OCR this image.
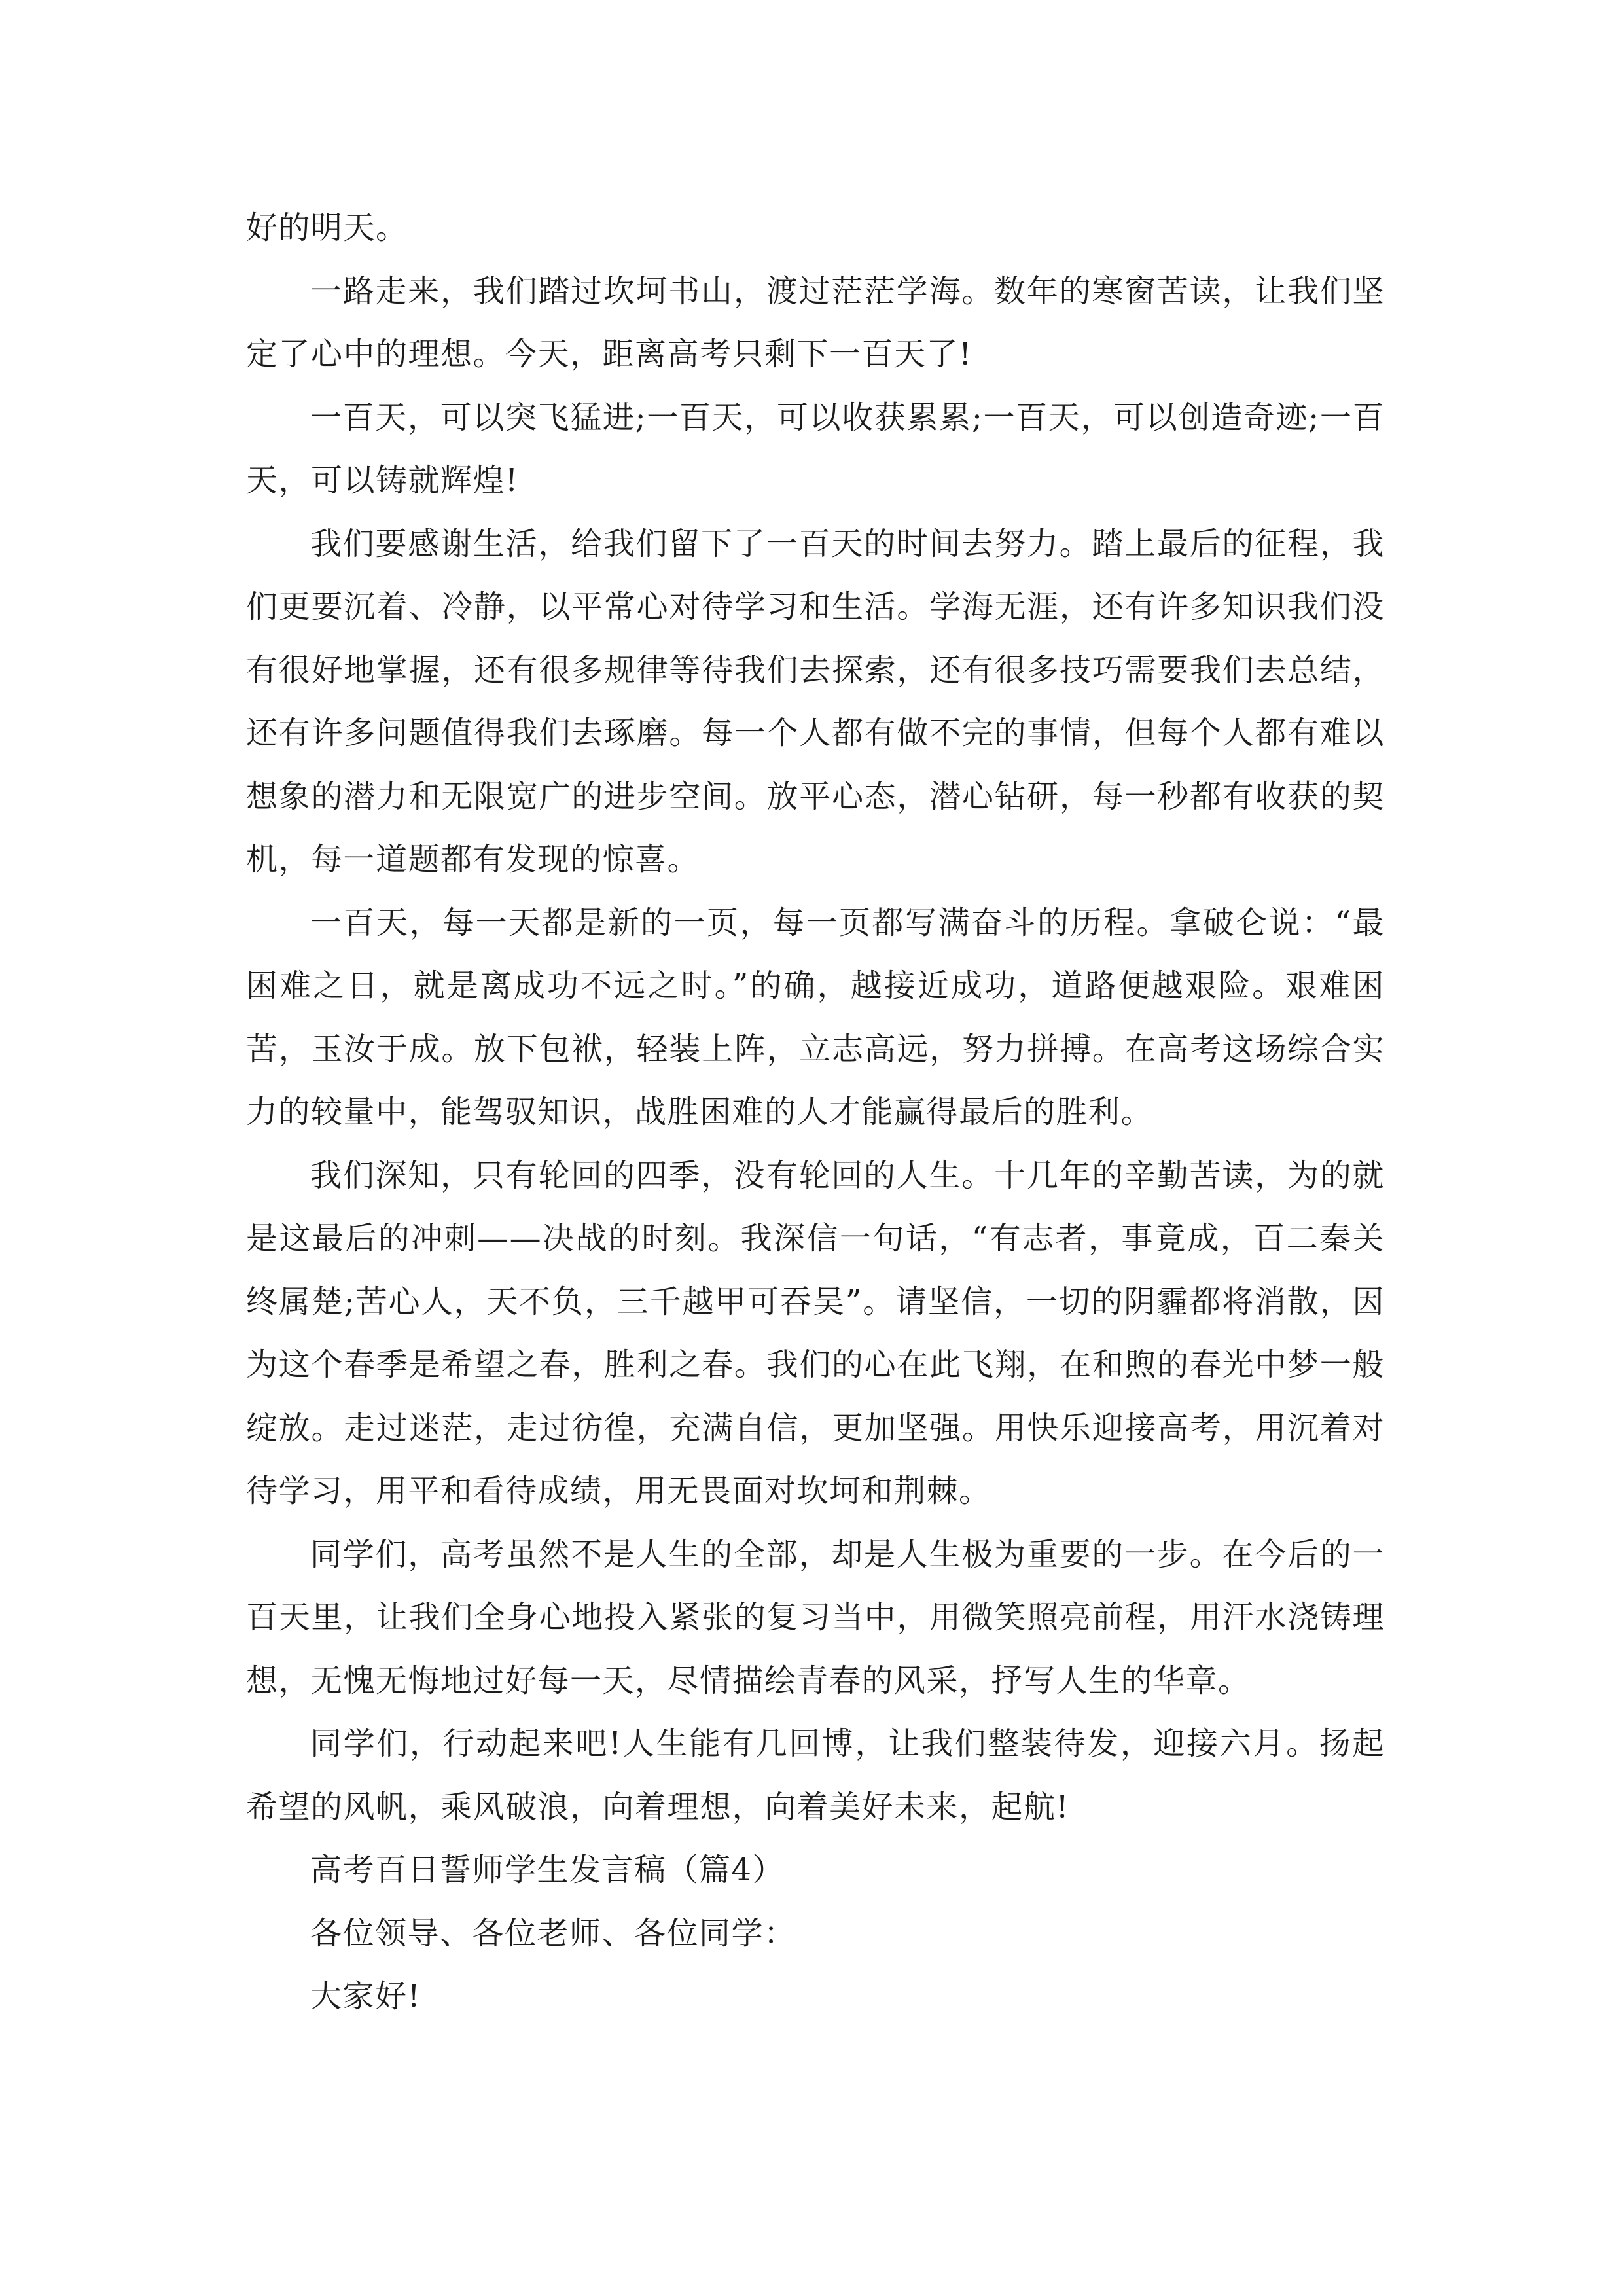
好的明天。

一路走来，我们踏过坎坷书山，渡过茫茫学海。数年的寒窗苦读，让我们坚定了心中的理想。今天，距离高考只剩下一百天了!

一百天，可以突飞猛进;一百天，可以收获累累;一百天，可以创造奇迹;一百天，可以铸就辉煌!

我们要感谢生活，给我们留下了一百天的时间去努力。踏上最后的征程，我们更要沉着、冷静，以平常心对待学习和生活。学海无涯，还有许多知识我们没有很好地掌握，还有很多规律等待我们去探索，还有很多技巧需要我们去总结，还有许多问题值得我们去琢磨。每一个人都有做不完的事情，但每个人都有难以想象的潜力和无限宽广的进步空间。放平心态，潜心钻研，每一秒都有收获的契机，每一道题都有发现的惊喜。

一百天，每一天都是新的一页，每一页都写满奋斗的历程。拿破仑说：“最困难之日，就是离成功不远之时。”的确，越接近成功，道路便越艰险。艰难困苦，玉汝于成。放下包袱，轻装上阵，立志高远，努力拼搏。在高考这场综合实力的较量中，能驾驭知识，战胜困难的人才能赢得最后的胜利。

我们深知，只有轮回的四季，没有轮回的人生。十几年的辛勤苦读，为的就是这最后的冲刺——决战的时刻。我深信一句话，“有志者，事竟成，百二秦关终属楚;苦心人，天不负，三千越甲可吞吴”。请坚信，一切的阴霾都将消散，因为这个春季是希望之春，胜利之春。我们的心在此飞翔，在和煦的春光中梦一般绽放。走过迷茫，走过彷徨，充满自信，更加坚强。用快乐迎接高考，用沉着对待学习，用平和看待成绩，用无畏面对坎坷和荆棘。

同学们，高考虽然不是人生的全部，却是人生极为重要的一步。在今后的一百天里，让我们全身心地投入紧张的复习当中，用微笑照亮前程，用汗水浇铸理想，无愧无悔地过好每一天，尽情描绘青春的风采，抒写人生的华章。

同学们，行动起来吧!人生能有几回博，让我们整装待发，迎接六月。扬起希望的风帆，乘风破浪，向着理想，向着美好未来，起航!

高考百日誓师学生发言稿（篇4）

各位领导、各位老师、各位同学：

大家好!
